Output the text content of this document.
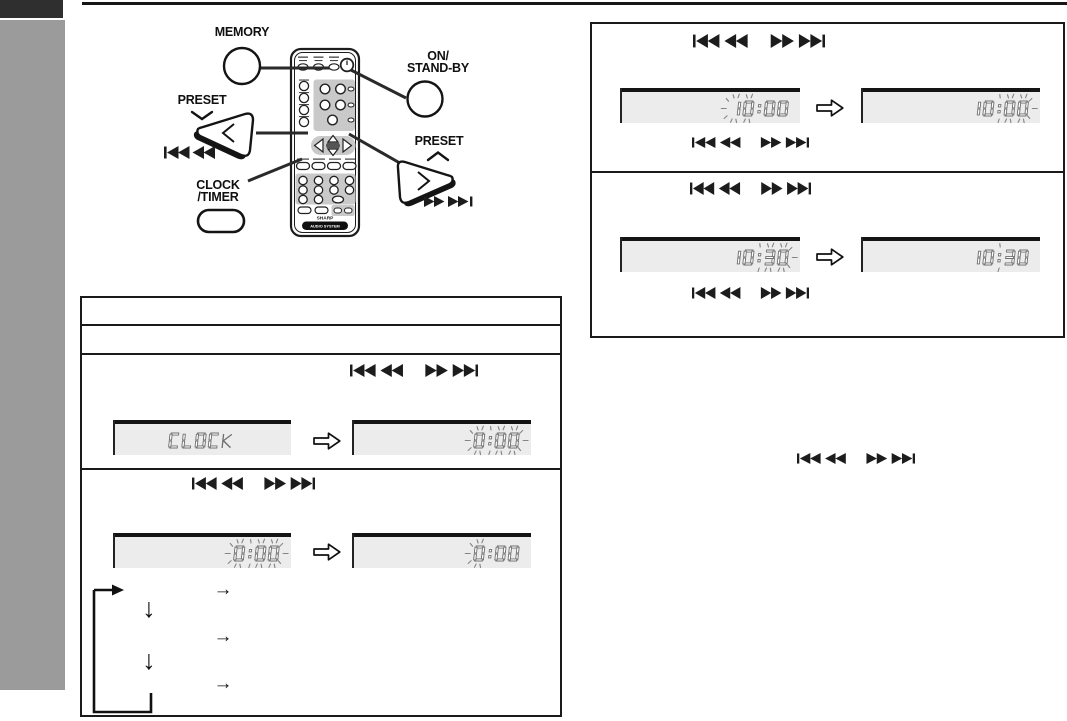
SHARP
AUDIO SYSTEM
MEMORY
ON/
STAND-BY
PRESET
PRESET
CLOCK
/TIMER
↓
↓
→
→
→
